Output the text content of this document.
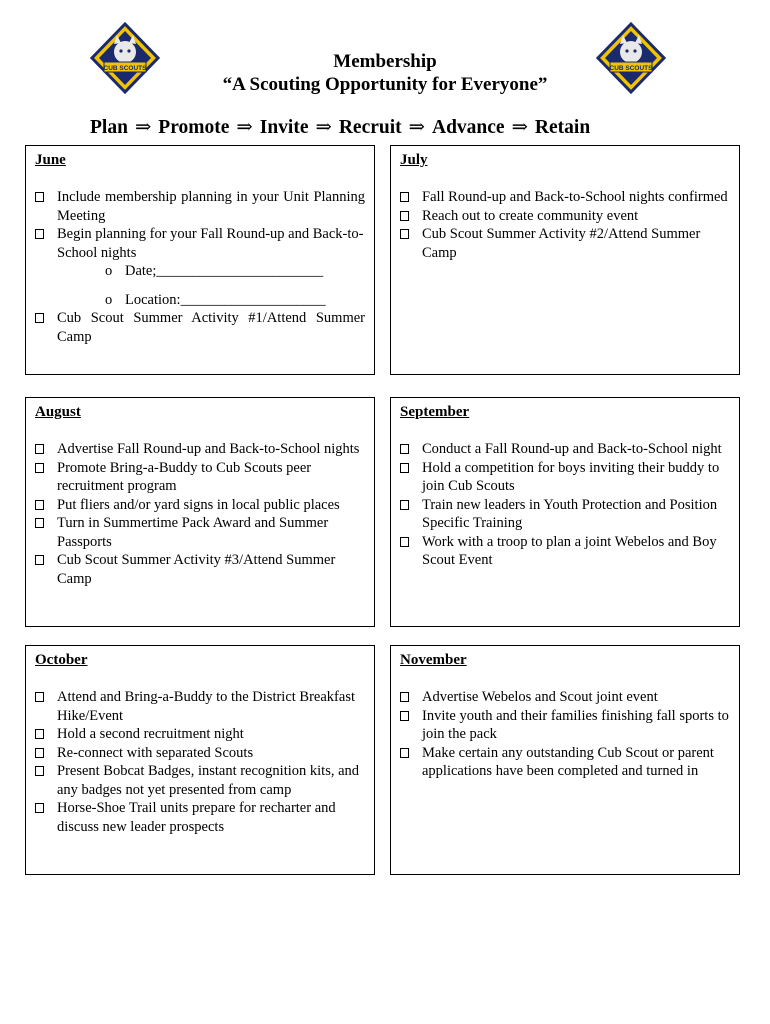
CUB SCOUTS	CUB SCOUTS
Membership
“A Scouting Opportunity for Everyone”
Plan ⇒ Promote ⇒ Invite ⇒ Recruit ⇒ Advance ⇒ Retain
June
Include membership planning in your Unit Planning Meeting
Begin planning for your Fall Round-up and Back-to-School nights
o Date;_______________________
o Location:____________________
Cub Scout Summer Activity #1/Attend Summer Camp
July
Fall Round-up and Back-to-School nights confirmed
Reach out to create community event
Cub Scout Summer Activity #2/Attend Summer Camp
August
Advertise Fall Round-up and Back-to-School nights
Promote Bring-a-Buddy to Cub Scouts peer recruitment program
Put fliers and/or yard signs in local public places
Turn in Summertime Pack Award and Summer Passports
Cub Scout Summer Activity #3/Attend Summer Camp
September
Conduct a Fall Round-up and Back-to-School night
Hold a competition for boys inviting their buddy to join Cub Scouts
Train new leaders in Youth Protection and Position Specific Training
Work with a troop to plan a joint Webelos and Boy Scout Event
October
Attend and Bring-a-Buddy to the District Breakfast Hike/Event
Hold a second recruitment night
Re-connect with separated Scouts
Present Bobcat Badges, instant recognition kits, and any badges not yet presented from camp
Horse-Shoe Trail units prepare for recharter and discuss new leader prospects
November
Advertise Webelos and Scout joint event
Invite youth and their families finishing fall sports to join the pack
Make certain any outstanding Cub Scout or parent applications have been completed and turned in
